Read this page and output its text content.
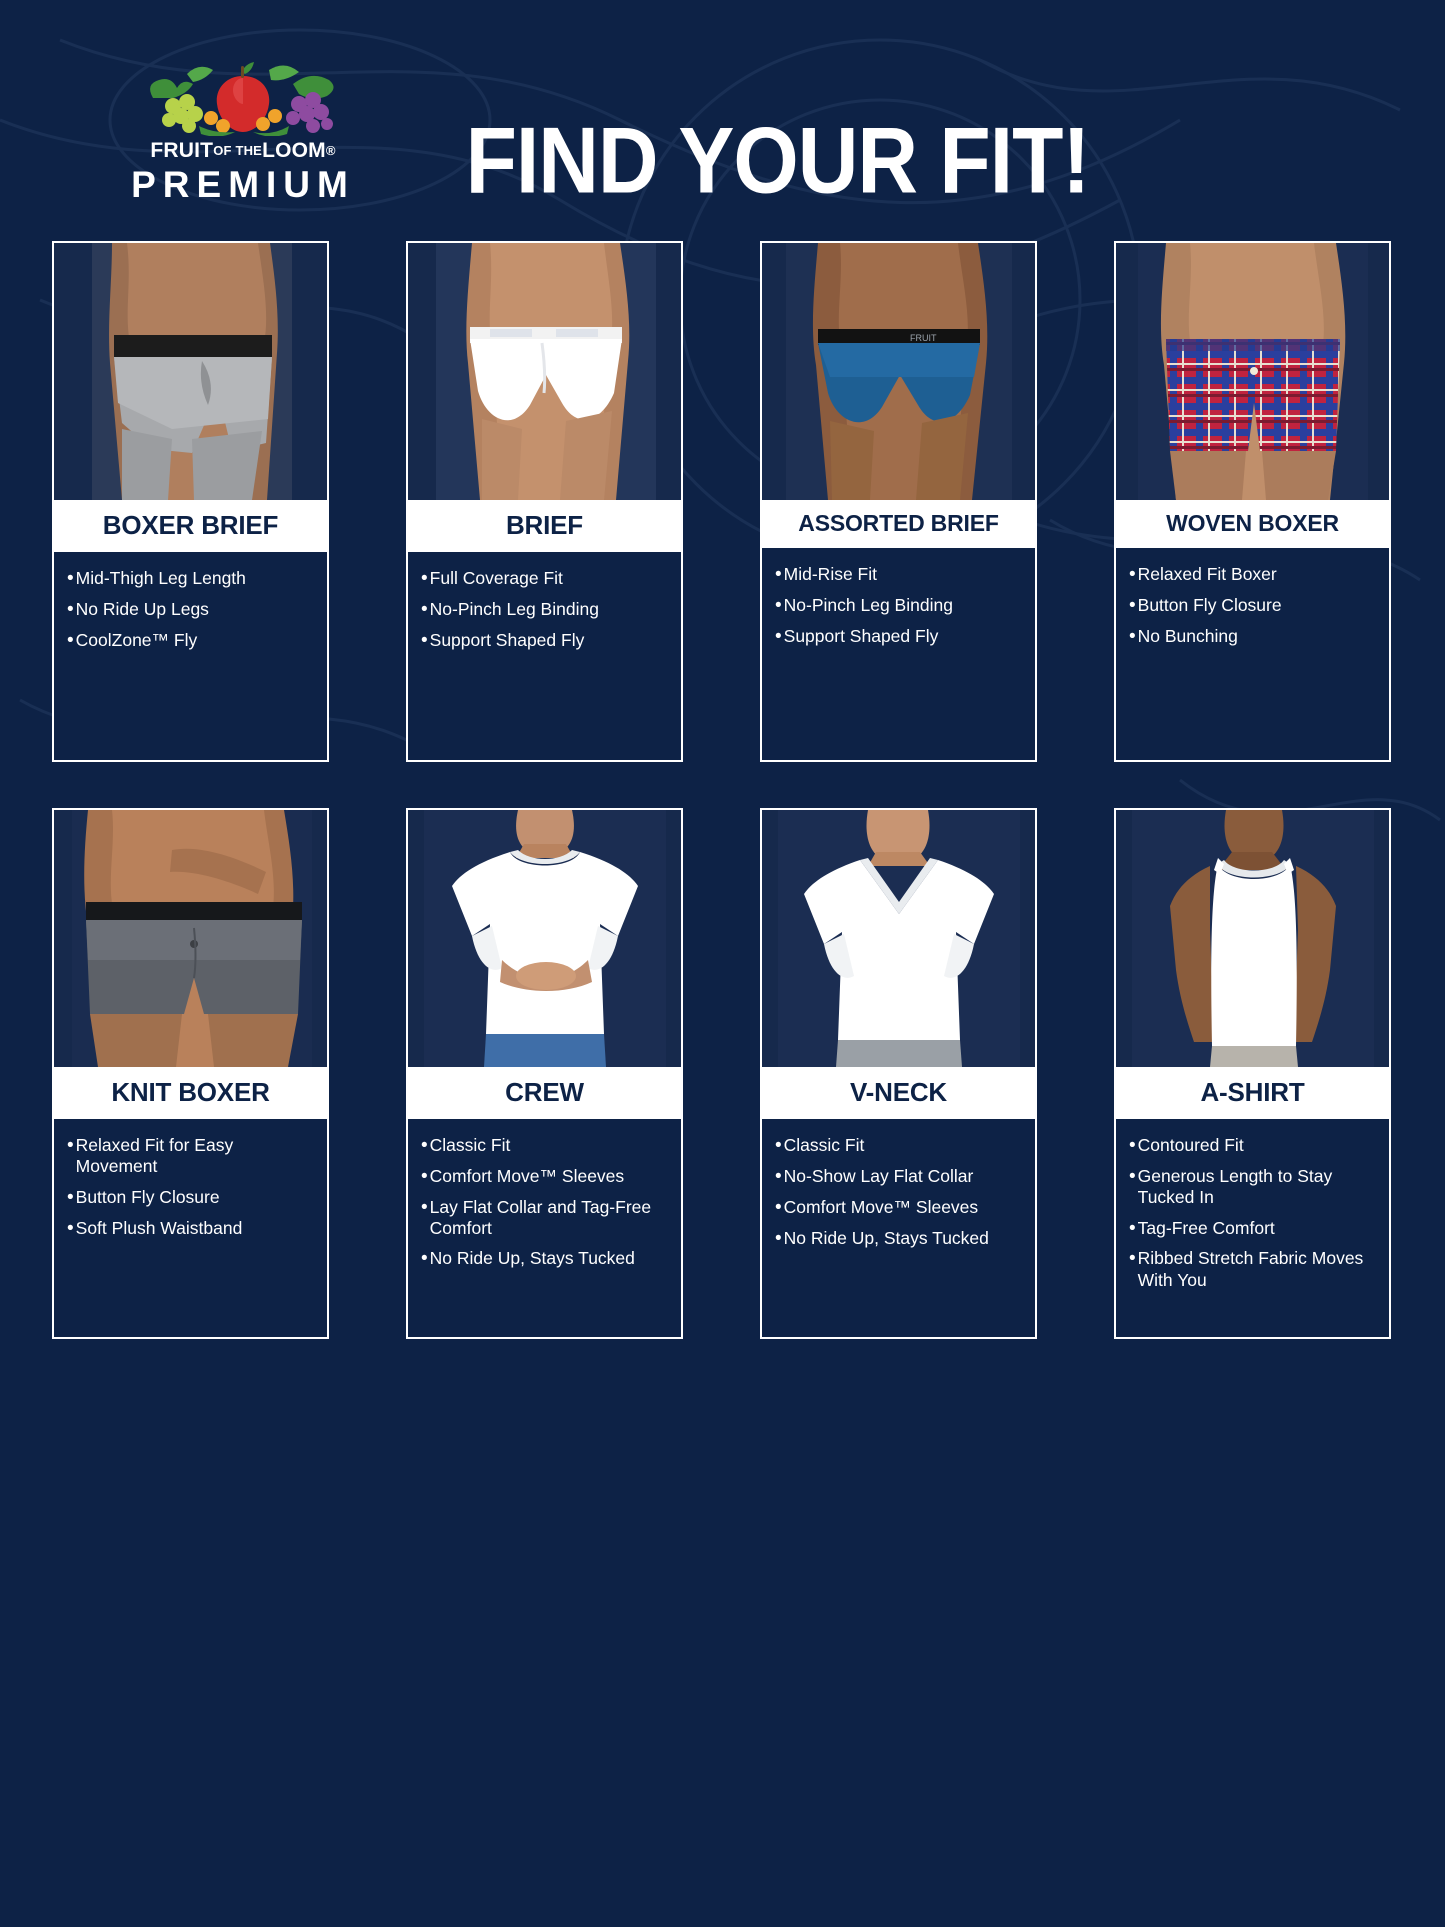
FRUITOF THELOOM®
PREMIUM	FIND YOUR FIT!
BOXER BRIEF
• Mid-Thigh Leg Length
• No Ride Up Legs
• CoolZone™ Fly
BRIEF
• Full Coverage Fit
• No-Pinch Leg Binding
• Support Shaped Fly
FRUIT
ASSORTED BRIEF
• Mid-Rise Fit
• No-Pinch Leg Binding
• Support Shaped Fly
WOVEN BOXER
• Relaxed Fit Boxer
• Button Fly Closure
• No Bunching
KNIT BOXER
• Relaxed Fit for Easy Movement
• Button Fly Closure
• Soft Plush Waistband
CREW
• Classic Fit
• Comfort Move™ Sleeves
• Lay Flat Collar and Tag-Free Comfort
• No Ride Up, Stays Tucked
V-NECK
• Classic Fit
• No-Show Lay Flat Collar
• Comfort Move™ Sleeves
• No Ride Up, Stays Tucked
A-SHIRT
• Contoured Fit
• Generous Length to Stay Tucked In
• Tag-Free Comfort
• Ribbed Stretch Fabric Moves With You
